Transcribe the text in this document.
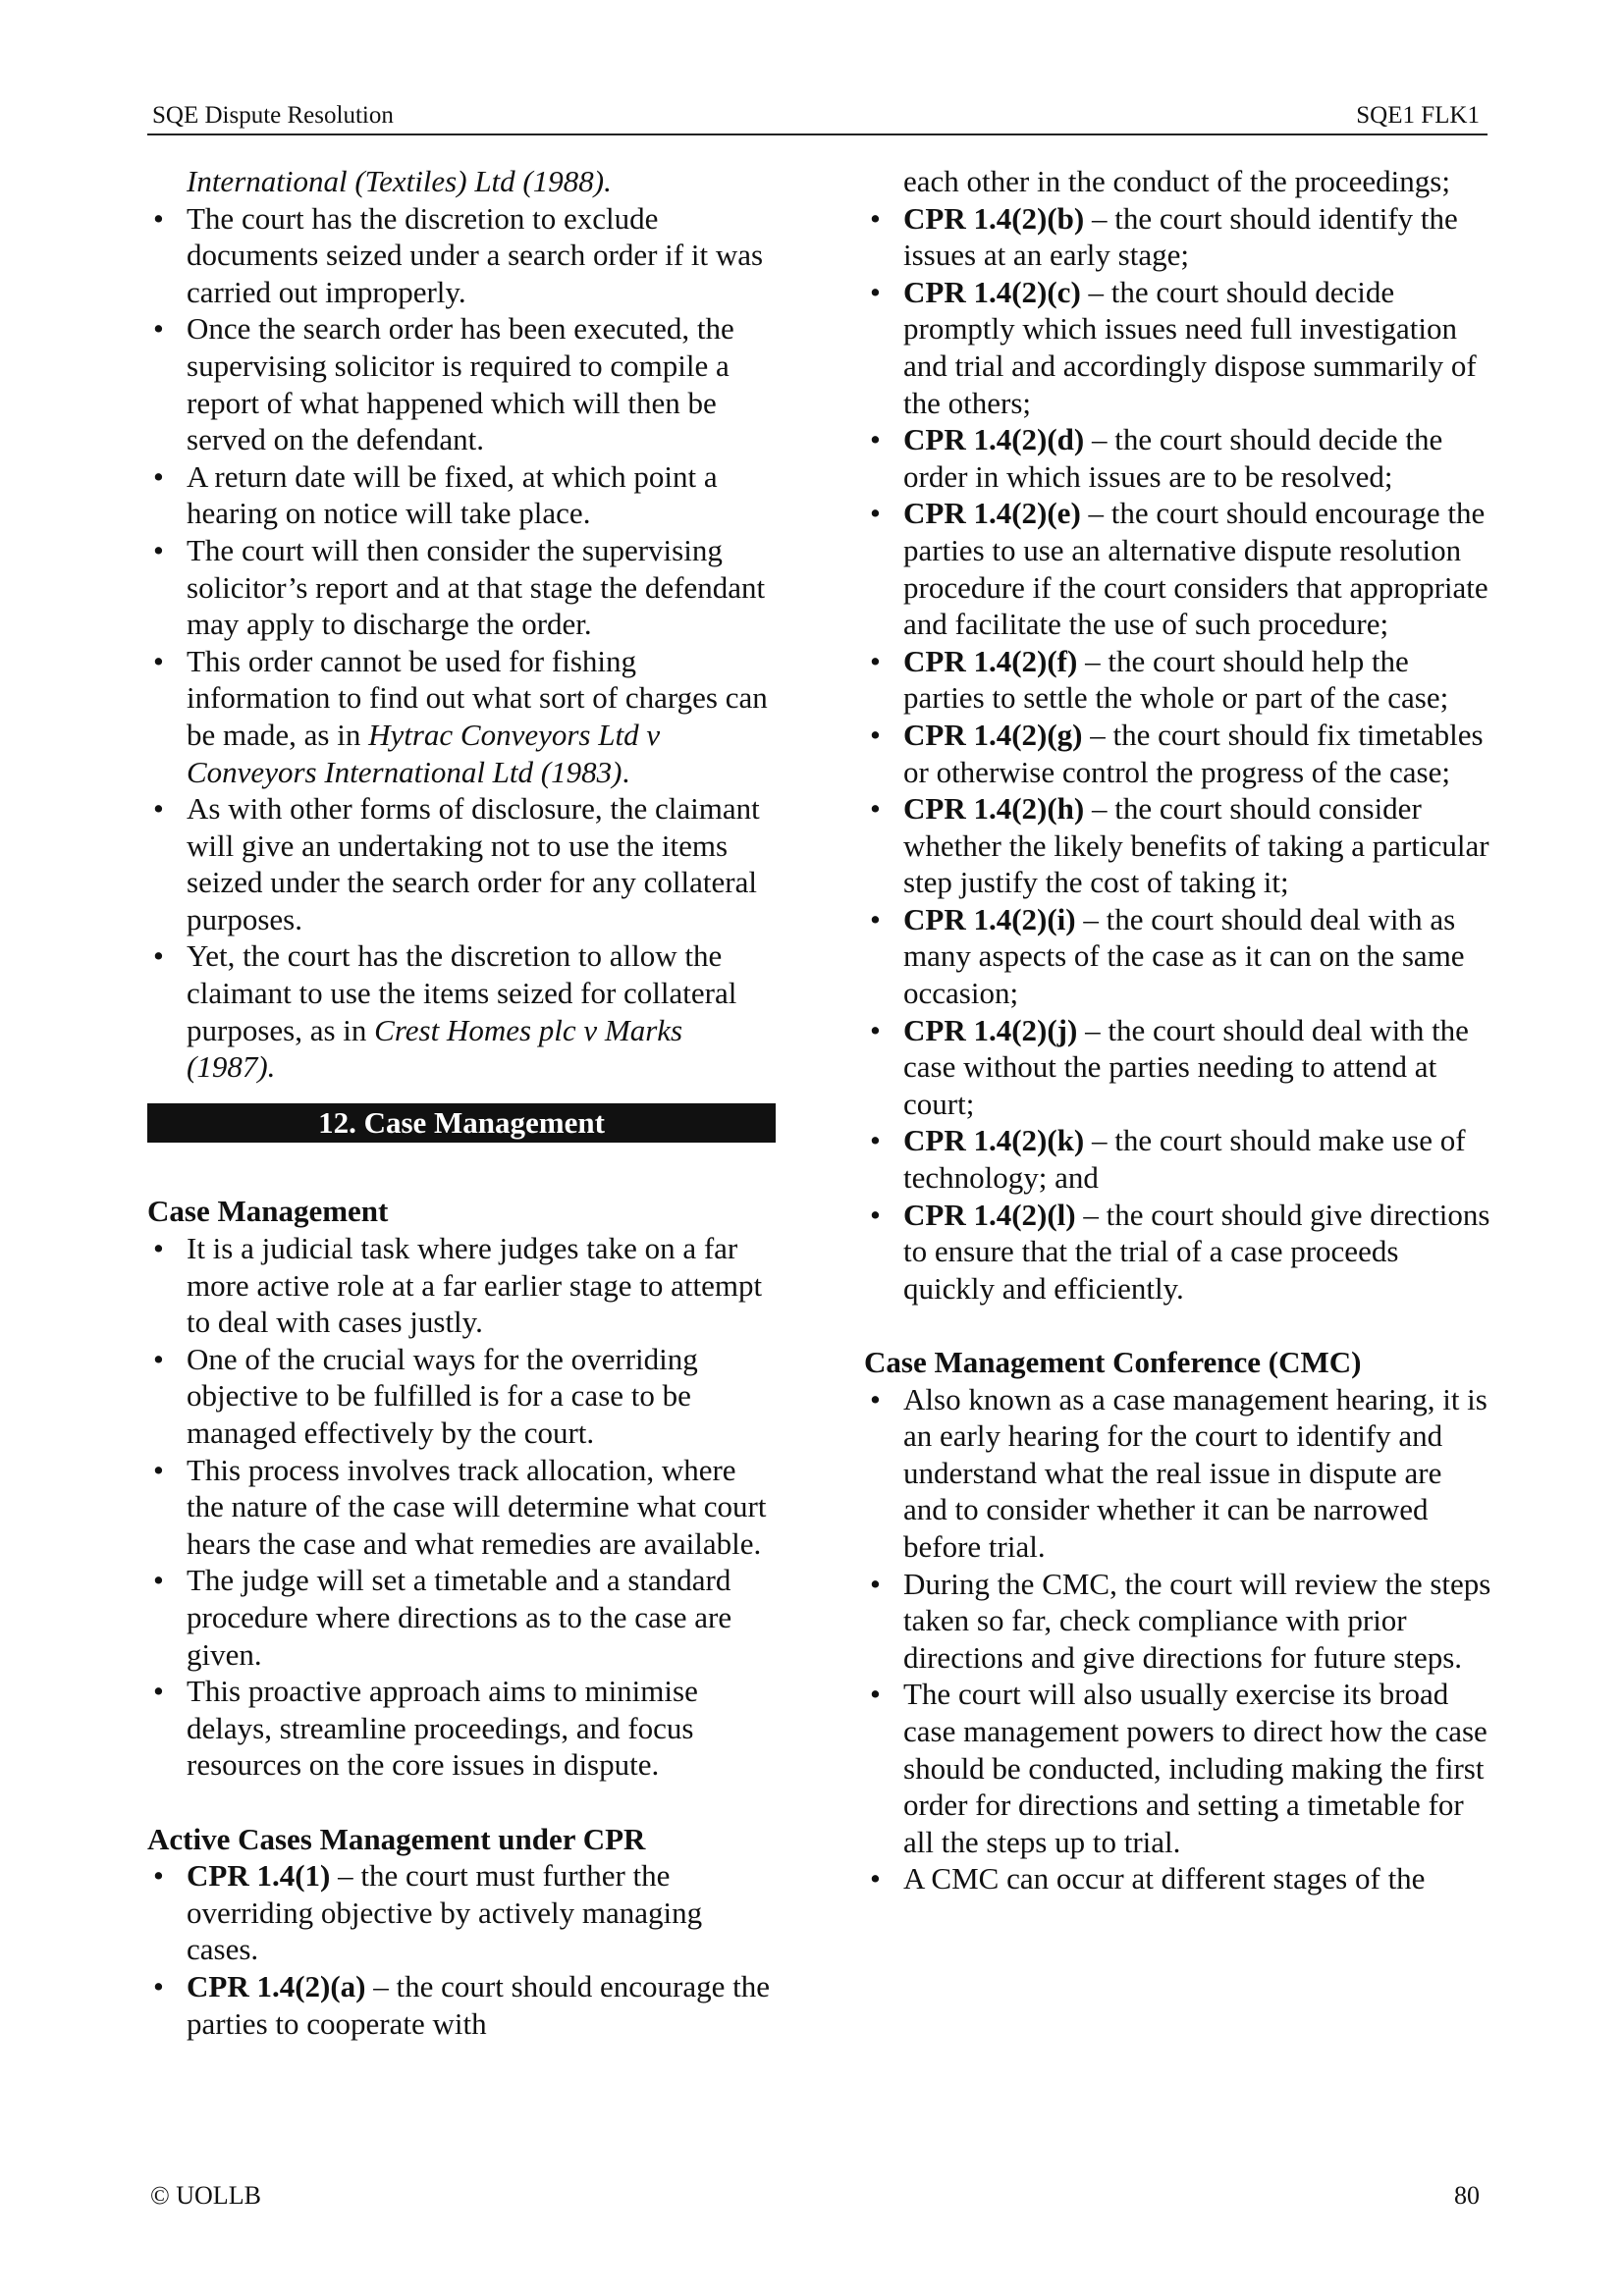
SQE Dispute Resolution	SQE1 FLK1
International (Textiles) Ltd (1988).
• The court has the discretion to exclude documents seized under a search order if it was carried out improperly.
• Once the search order has been executed, the supervising solicitor is required to compile a report of what happened which will then be served on the defendant.
• A return date will be fixed, at which point a hearing on notice will take place.
• The court will then consider the supervising solicitor’s report and at that stage the defendant may apply to discharge the order.
• This order cannot be used for fishing information to find out what sort of charges can be made, as in Hytrac Conveyors Ltd v Conveyors International Ltd (1983).
• As with other forms of disclosure, the claimant will give an undertaking not to use the items seized under the search order for any collateral purposes.
• Yet, the court has the discretion to allow the claimant to use the items seized for collateral purposes, as in Crest Homes plc v Marks (1987).
12. Case Management
Case Management
• It is a judicial task where judges take on a far more active role at a far earlier stage to attempt to deal with cases justly.
• One of the crucial ways for the overriding objective to be fulfilled is for a case to be managed effectively by the court.
• This process involves track allocation, where the nature of the case will determine what court hears the case and what remedies are available.
• The judge will set a timetable and a standard procedure where directions as to the case are given.
• This proactive approach aims to minimise delays, streamline proceedings, and focus resources on the core issues in dispute.
Active Cases Management under CPR
• CPR 1.4(1) – the court must further the overriding objective by actively managing cases.
• CPR 1.4(2)(a) – the court should encourage the parties to cooperate with
each other in the conduct of the proceedings;
• CPR 1.4(2)(b) – the court should identify the issues at an early stage;
• CPR 1.4(2)(c) – the court should decide promptly which issues need full investigation and trial and accordingly dispose summarily of the others;
• CPR 1.4(2)(d) – the court should decide the order in which issues are to be resolved;
• CPR 1.4(2)(e) – the court should encourage the parties to use an alternative dispute resolution procedure if the court considers that appropriate and facilitate the use of such procedure;
• CPR 1.4(2)(f) – the court should help the parties to settle the whole or part of the case;
• CPR 1.4(2)(g) – the court should fix timetables or otherwise control the progress of the case;
• CPR 1.4(2)(h) – the court should consider whether the likely benefits of taking a particular step justify the cost of taking it;
• CPR 1.4(2)(i) – the court should deal with as many aspects of the case as it can on the same occasion;
• CPR 1.4(2)(j) – the court should deal with the case without the parties needing to attend at court;
• CPR 1.4(2)(k) – the court should make use of technology; and
• CPR 1.4(2)(l) – the court should give directions to ensure that the trial of a case proceeds quickly and efficiently.
Case Management Conference (CMC)
• Also known as a case management hearing, it is an early hearing for the court to identify and understand what the real issue in dispute are and to consider whether it can be narrowed before trial.
• During the CMC, the court will review the steps taken so far, check compliance with prior directions and give directions for future steps.
• The court will also usually exercise its broad case management powers to direct how the case should be conducted, including making the first order for directions and setting a timetable for all the steps up to trial.
• A CMC can occur at different stages of the
© UOLLB	80
